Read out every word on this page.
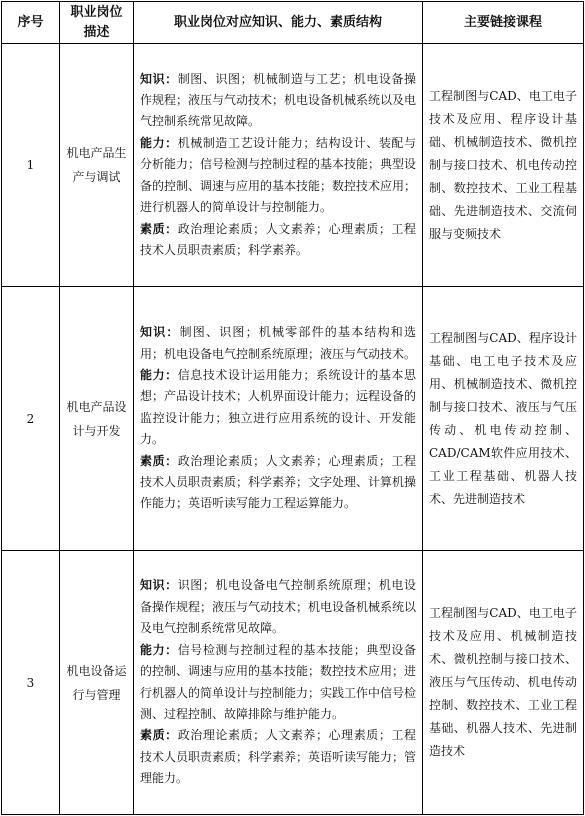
序号	职业岗位描述	职业岗位对应知识、能力、素质结构	主要链接课程
1	机电产品生产与调试	知识：制图、识图；机械制造与工艺；机电设备操作规程；液压与气动技术；机电设备机械系统以及电气控制系统常见故障。

能力：机械制造工艺设计能力；结构设计、装配与分析能力；信号检测与控制过程的基本技能；典型设备的控制、调速与应用的基本技能；数控技术应用；进行机器人的简单设计与控制能力。

素质：政治理论素质；人文素养；心理素质；工程技术人员职责素质；科学素养。	工程制图与CAD、电工电子技术及应用、程序设计基础、机械制造技术、微机控制与接口技术、机电传动控制、数控技术、工业工程基础、先进制造技术、交流伺服与变频技术
2	机电产品设计与开发	知识：制图、识图；机械零部件的基本结构和选用；机电设备电气控制系统原理；液压与气动技术。

能力：信息技术设计运用能力；系统设计的基本思想；产品设计技术；人机界面设计能力；远程设备的监控设计能力；独立进行应用系统的设计、开发能力。

素质：政治理论素质；人文素养；心理素质；工程技术人员职责素质；科学素养；文字处理、计算机操作能力；英语听读写能力工程运算能力。	工程制图与CAD、程序设计基础、电工电子技术及应用、机械制造技术、微机控制与接口技术、液压与气压传动、机电传动控制、CAD/CAM软件应用技术、工业工程基础、机器人技术、先进制造技术
3	机电设备运行与管理	知识：识图；机电设备电气控制系统原理；机电设备操作规程；液压与气动技术；机电设备机械系统以及电气控制系统常见故障。

能力：信号检测与控制过程的基本技能；典型设备的控制、调速与应用的基本技能；数控技术应用；进行机器人的简单设计与控制能力；实践工作中信号检测、过程控制、故障排除与维护能力。

素质：政治理论素质；人文素养；心理素质；工程技术人员职责素质；科学素养；英语听读写能力；管理能力。	工程制图与CAD、电工电子技术及应用、机械制造技术、微机控制与接口技术、液压与气压传动、机电传动控制、数控技术、工业工程基础、机器人技术、先进制造技术
